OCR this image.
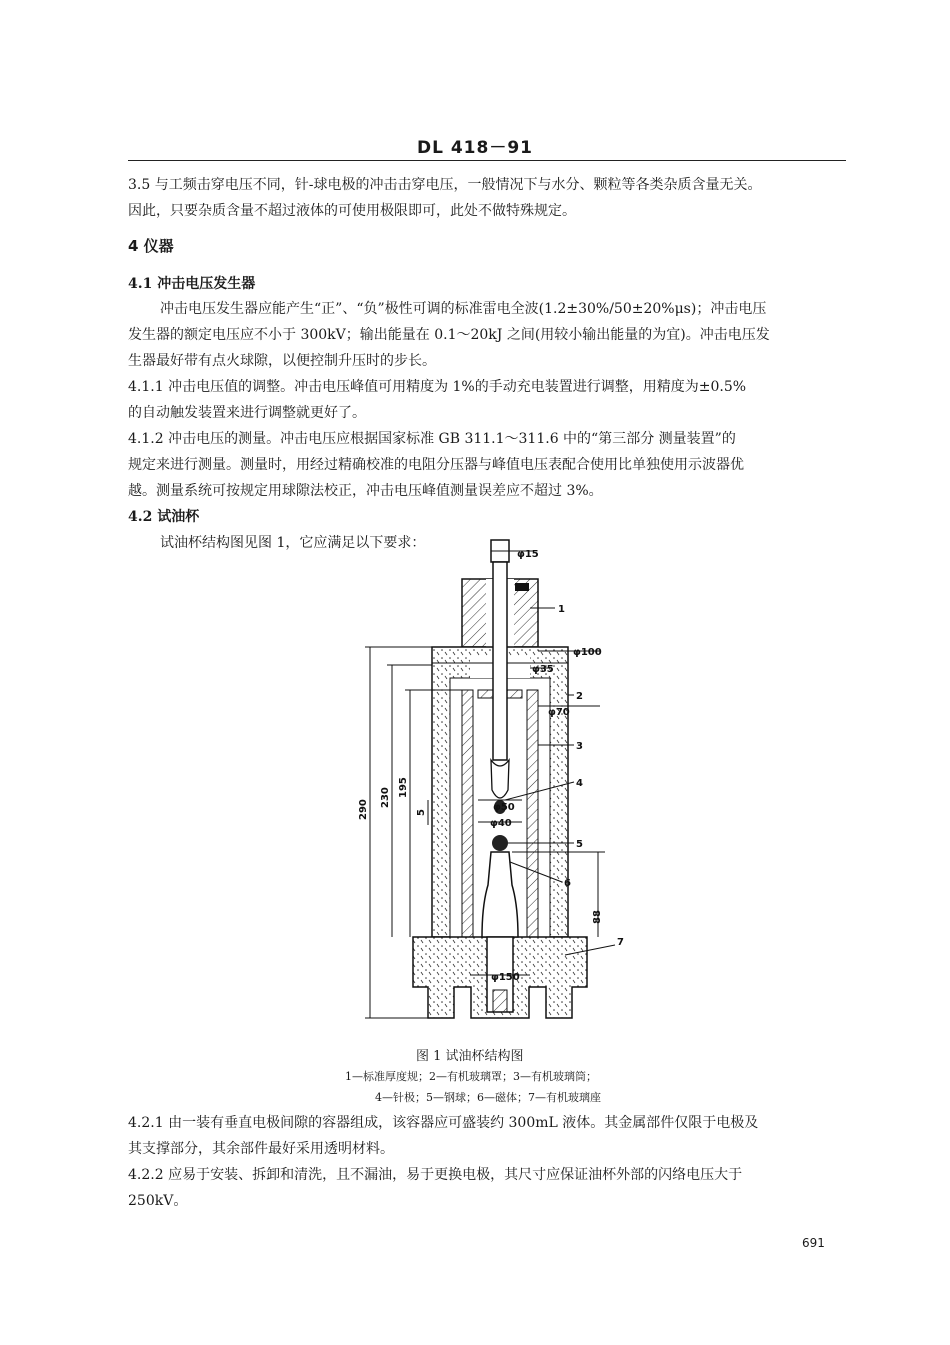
DL 418－91
3.5 与工频击穿电压不同，针-球电极的冲击击穿电压，一般情况下与水分、颗粒等各类杂质含量无关。
因此，只要杂质含量不超过液体的可使用极限即可，此处不做特殊规定。
4 仪器
4.1 冲击电压发生器
冲击电压发生器应能产生“正”、“负”极性可调的标准雷电全波(1.2±30%/50±20%μs)；冲击电压
发生器的额定电压应不小于 300kV；输出能量在 0.1～20kJ 之间(用较小输出能量的为宜)。冲击电压发
生器最好带有点火球隙，以便控制升压时的步长。
4.1.1 冲击电压值的调整。冲击电压峰值可用精度为 1%的手动充电装置进行调整，用精度为±0.5%
的自动触发装置来进行调整就更好了。
4.1.2 冲击电压的测量。冲击电压应根据国家标准 GB 311.1～311.6 中的“第三部分 测量装置”的
规定来进行测量。测量时，用经过精确校准的电阻分压器与峰值电压表配合使用比单独使用示波器优
越。测量系统可按规定用球隙法校正，冲击电压峰值测量误差应不超过 3%。
4.2 试油杯
试油杯结构图见图 1，它应满足以下要求：
φ15
φ100
φ35
φ70
φ50
φ40
φ150
290
230 195
5
88
1
2
3
4
5
6
7
图 1 试油杯结构图
1—标准厚度规；2—有机玻璃罩；3—有机玻璃筒；
4—针极；5—钢球；6—磁体；7—有机玻璃座
4.2.1 由一装有垂直电极间隙的容器组成，该容器应可盛装约 300mL 液体。其金属部件仅限于电极及
其支撑部分，其余部件最好采用透明材料。
4.2.2 应易于安装、拆卸和清洗，且不漏油，易于更换电极，其尺寸应保证油杯外部的闪络电压大于
250kV。
691
